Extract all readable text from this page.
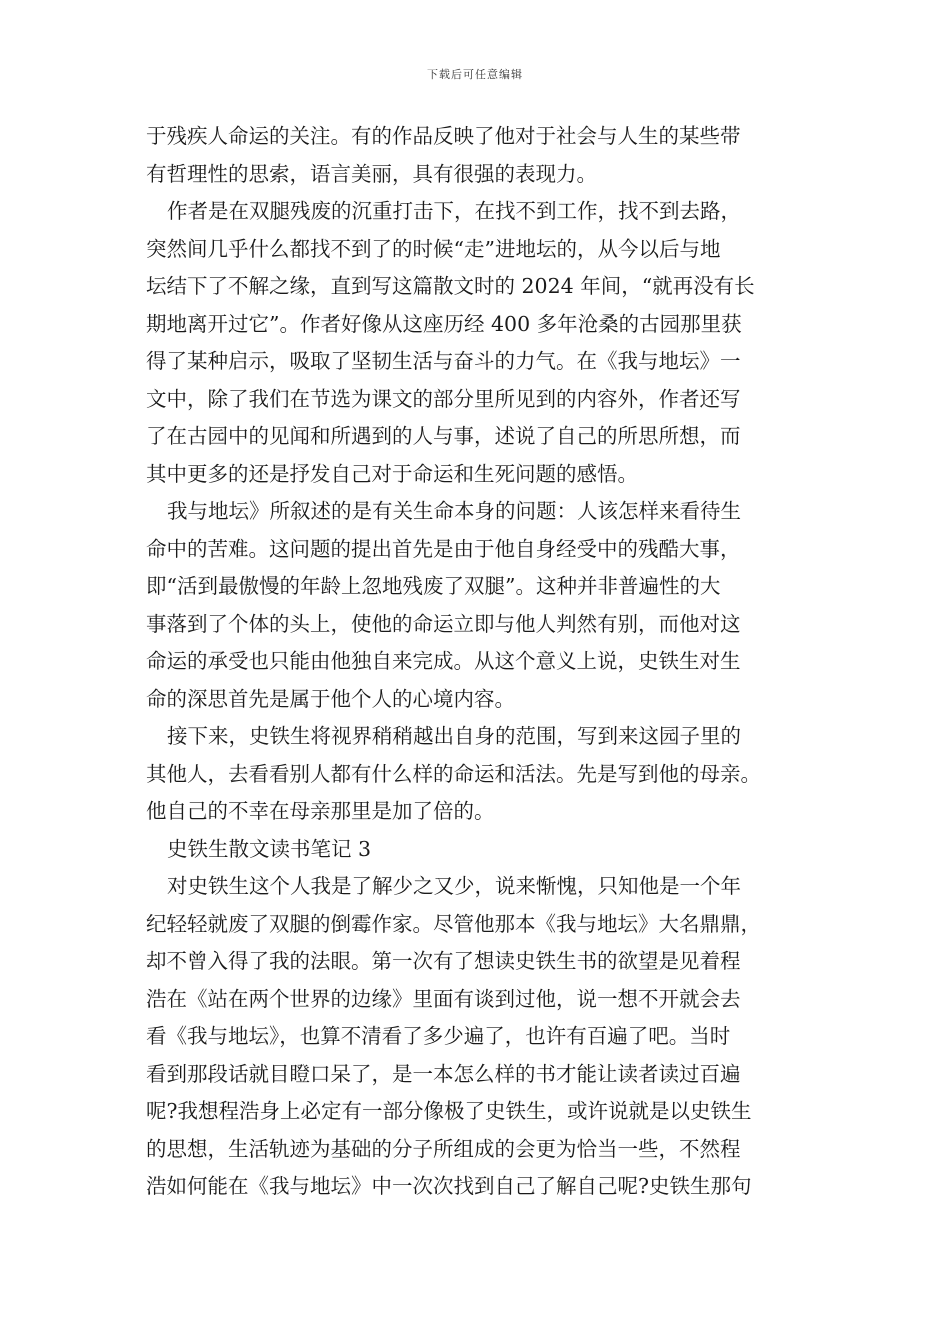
下载后可任意编辑
于残疾人命运的关注。有的作品反映了他对于社会与人生的某些带
有哲理性的思索，语言美丽，具有很强的表现力。
作者是在双腿残废的沉重打击下，在找不到工作，找不到去路，
突然间几乎什么都找不到了的时候“走”进地坛的，从今以后与地
坛结下了不解之缘，直到写这篇散文时的 2024 年间，“就再没有长
期地离开过它”。作者好像从这座历经 400 多年沧桑的古园那里获
得了某种启示，吸取了坚韧生活与奋斗的力气。在《我与地坛》一
文中，除了我们在节选为课文的部分里所见到的内容外，作者还写
了在古园中的见闻和所遇到的人与事，述说了自己的所思所想，而
其中更多的还是抒发自己对于命运和生死问题的感悟。
我与地坛》所叙述的是有关生命本身的问题：人该怎样来看待生
命中的苦难。这问题的提出首先是由于他自身经受中的残酷大事，
即“活到最傲慢的年龄上忽地残废了双腿”。这种并非普遍性的大
事落到了个体的头上，使他的命运立即与他人判然有别，而他对这
命运的承受也只能由他独自来完成。从这个意义上说，史铁生对生
命的深思首先是属于他个人的心境内容。
接下来，史铁生将视界稍稍越出自身的范围，写到来这园子里的
其他人，去看看别人都有什么样的命运和活法。先是写到他的母亲。
他自己的不幸在母亲那里是加了倍的。
史铁生散文读书笔记 3
对史铁生这个人我是了解少之又少，说来惭愧，只知他是一个年
纪轻轻就废了双腿的倒霉作家。尽管他那本《我与地坛》大名鼎鼎，
却不曾入得了我的法眼。第一次有了想读史铁生书的欲望是见着程
浩在《站在两个世界的边缘》里面有谈到过他，说一想不开就会去
看《我与地坛》，也算不清看了多少遍了，也许有百遍了吧。当时
看到那段话就目瞪口呆了，是一本怎么样的书才能让读者读过百遍
呢?我想程浩身上必定有一部分像极了史铁生，或许说就是以史铁生
的思想，生活轨迹为基础的分子所组成的会更为恰当一些，不然程
浩如何能在《我与地坛》中一次次找到自己了解自己呢?史铁生那句
